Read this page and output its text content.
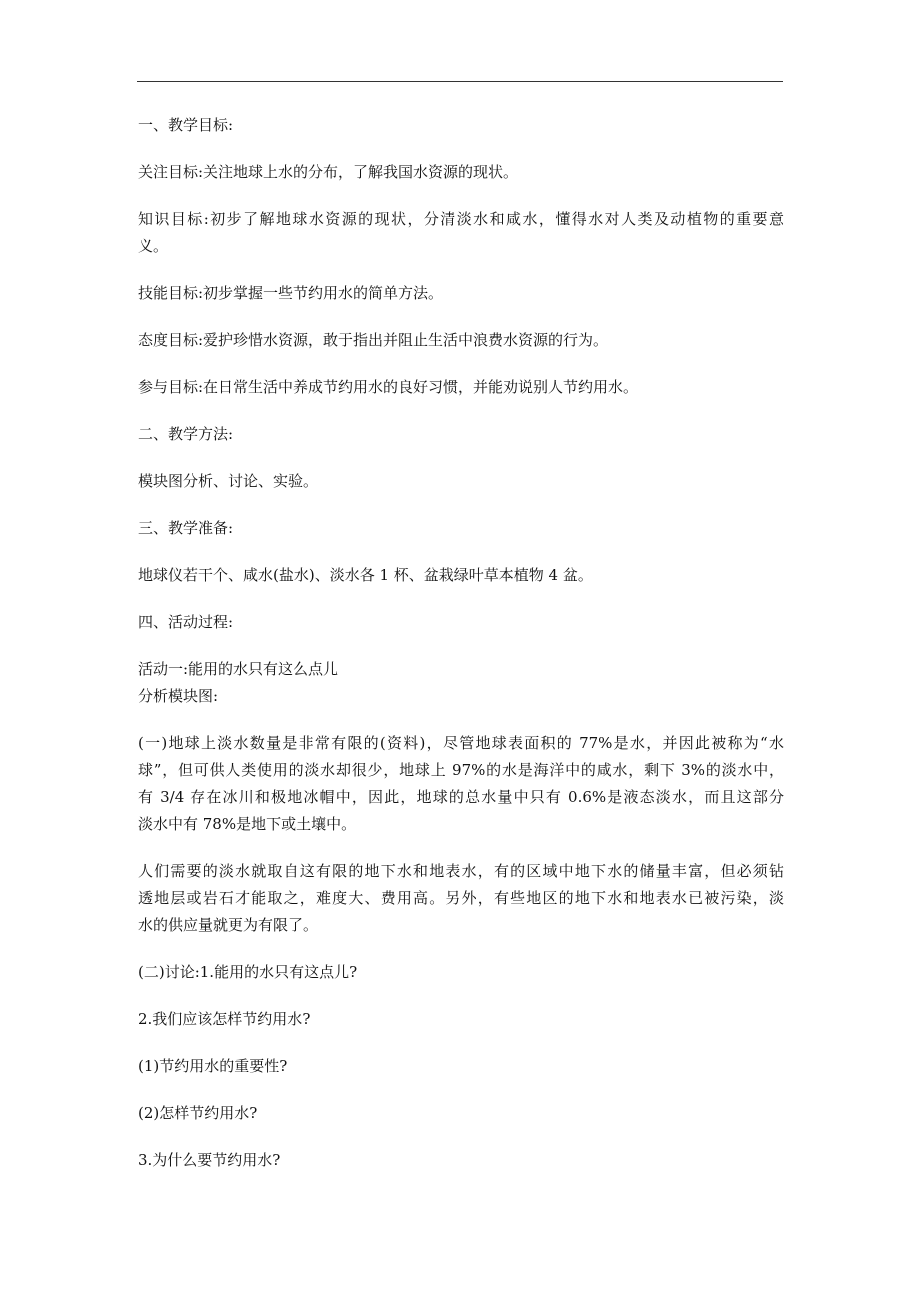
一、教学目标:
关注目标:关注地球上水的分布，了解我国水资源的现状。
知识目标:初步了解地球水资源的现状，分清淡水和咸水，懂得水对人类及动植物的重要意
义。
技能目标:初步掌握一些节约用水的简单方法。
态度目标:爱护珍惜水资源，敢于指出并阻止生活中浪费水资源的行为。
参与目标:在日常生活中养成节约用水的良好习惯，并能劝说别人节约用水。
二、教学方法:
模块图分析、讨论、实验。
三、教学准备:
地球仪若干个、咸水(盐水)、淡水各 1 杯、盆栽绿叶草本植物 4 盆。
四、活动过程:
活动一:能用的水只有这么点儿
分析模块图:
(一)地球上淡水数量是非常有限的(资料)，尽管地球表面积的 77%是水，并因此被称为“水
球”，但可供人类使用的淡水却很少，地球上 97%的水是海洋中的咸水，剩下 3%的淡水中，
有 3/4 存在冰川和极地冰帽中，因此，地球的总水量中只有 0.6%是液态淡水，而且这部分
淡水中有 78%是地下或土壤中。
人们需要的淡水就取自这有限的地下水和地表水，有的区域中地下水的储量丰富，但必须钻
透地层或岩石才能取之，难度大、费用高。另外，有些地区的地下水和地表水已被污染，淡
水的供应量就更为有限了。
(二)讨论:1.能用的水只有这点儿?
2.我们应该怎样节约用水?
(1)节约用水的重要性?
(2)怎样节约用水?
3.为什么要节约用水?
